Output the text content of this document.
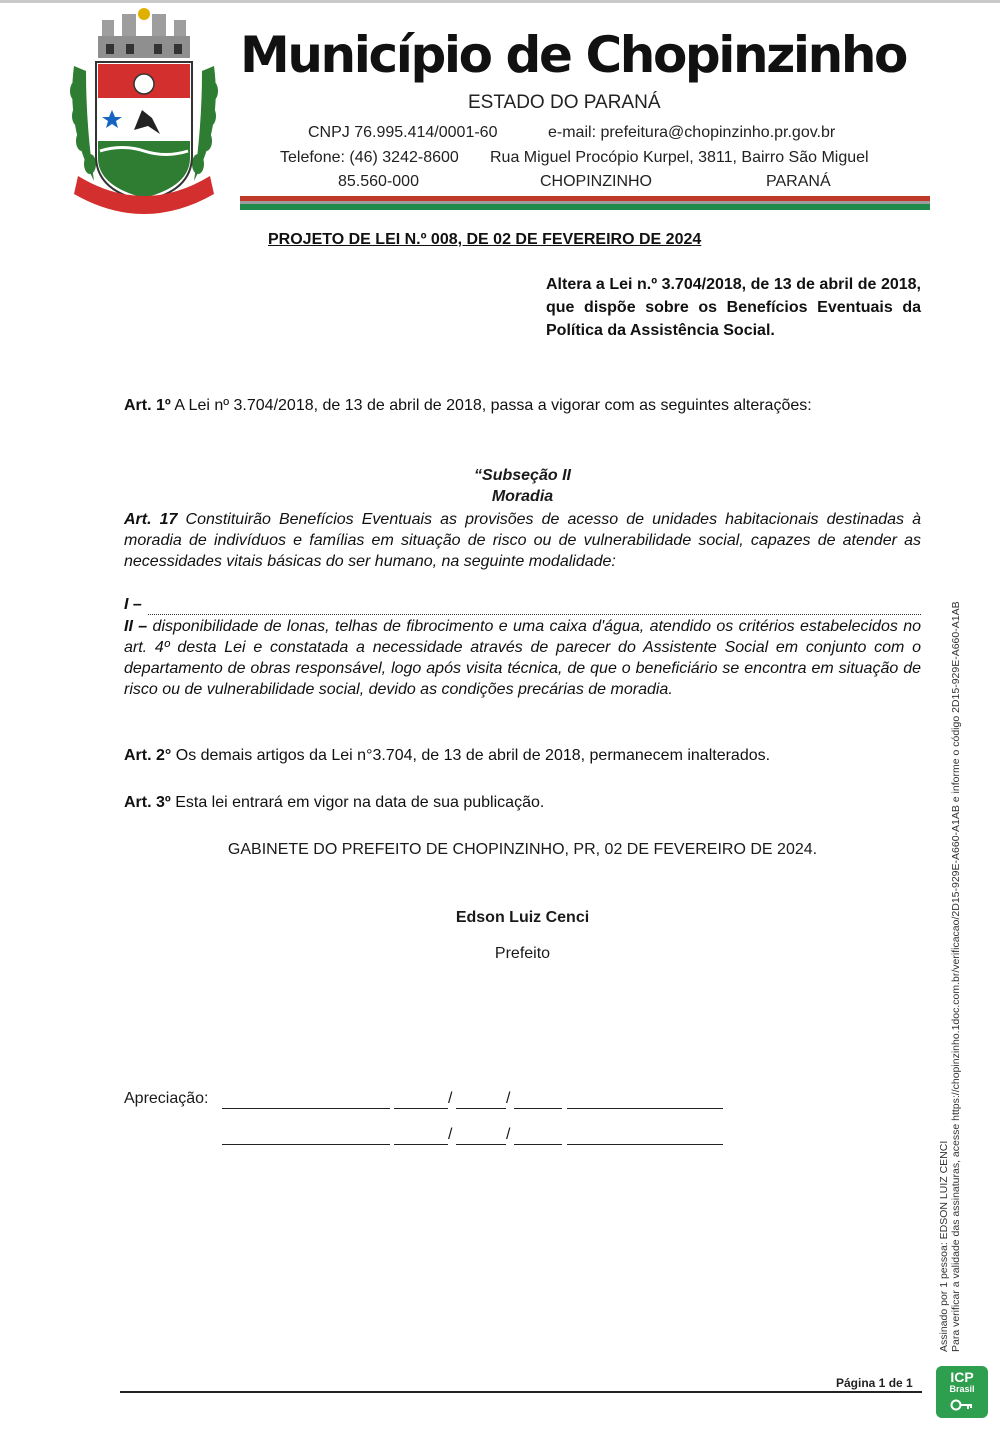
Município de Chopinzinho
ESTADO DO PARANÁ
CNPJ 76.995.414/0001-60	e-mail: prefeitura@chopinzinho.pr.gov.br
Telefone: (46) 3242-8600 Rua Miguel Procópio Kurpel, 3811, Bairro São Miguel
85.560-000	CHOPINZINHO	PARANÁ
PROJETO DE LEI N.º 008, DE 02 DE FEVEREIRO DE 2024
Altera a Lei n.º 3.704/2018, de 13 de abril de 2018, que dispõe sobre os Benefícios Eventuais da Política da Assistência Social.
Art. 1º A Lei nº 3.704/2018, de 13 de abril de 2018, passa a vigorar com as seguintes alterações:
“Subseção II
Moradia
Art. 17 Constituirão Benefícios Eventuais as provisões de acesso de unidades habitacionais destinadas à moradia de indivíduos e famílias em situação de risco ou de vulnerabilidade social, capazes de atender as necessidades vitais básicas do ser humano, na seguinte modalidade:
I –
II – disponibilidade de lonas, telhas de fibrocimento e uma caixa d'água, atendido os critérios estabelecidos no art. 4º desta Lei e constatada a necessidade através de parecer do Assistente Social em conjunto com o departamento de obras responsável, logo após visita técnica, de que o beneficiário se encontra em situação de risco ou de vulnerabilidade social, devido as condições precárias de moradia.
Art. 2° Os demais artigos da Lei n°3.704, de 13 de abril de 2018, permanecem inalterados.
Art. 3º Esta lei entrará em vigor na data de sua publicação.
GABINETE DO PREFEITO DE CHOPINZINHO, PR, 02 DE FEVEREIRO DE 2024.
Edson Luiz Cenci
Prefeito
Apreciação:	/	/
/	/
Assinado por 1 pessoa: EDSON LUIZ CENCI Para verificar a validade das assinaturas, acesse https://chopinzinho.1doc.com.br/verificacao/2D15-929E-A660-A1AB e informe o código 2D15-929E-A660-A1AB
Página 1 de 1	ICP
Brasil
